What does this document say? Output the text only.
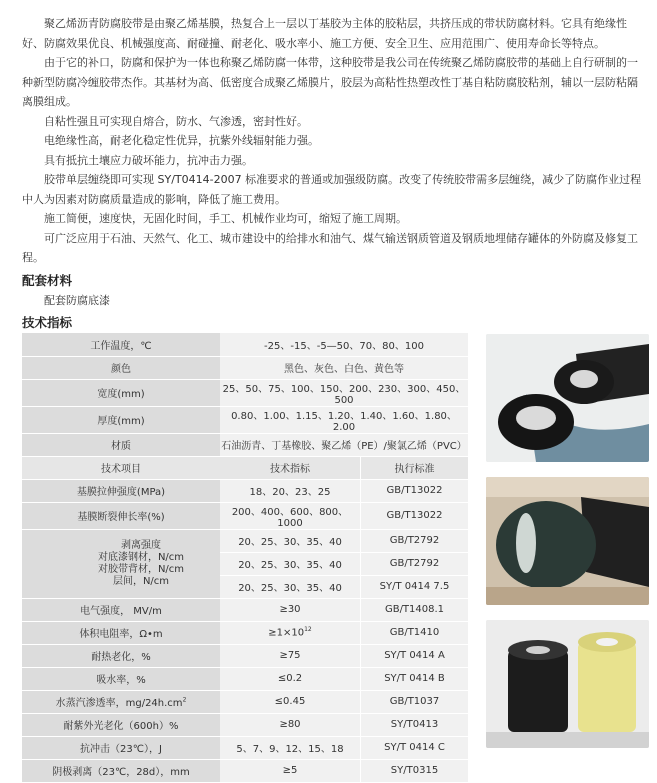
聚乙烯沥青防腐胶带是由聚乙烯基膜，热复合上一层以丁基胶为主体的胶粘层，共挤压成的带状防腐材料。它具有绝缘性好、防腐效果优良、机械强度高、耐碰撞、耐老化、吸水率小、施工方便、安全卫生、应用范围广、使用寿命长等特点。

由于它的补口，防腐和保护为一体也称聚乙烯防腐一体带，这种胶带是我公司在传统聚乙烯防腐胶带的基础上自行研制的一种新型防腐冷缠胶带杰作。其基材为高、低密度合成聚乙烯膜片，胶层为高粘性热塑改性丁基自粘防腐胶粘剂，辅以一层防粘隔离膜组成。

自粘性强且可实现自熔合，防水、气渗透，密封性好。

电绝缘性高，耐老化稳定性优异，抗紫外线辐射能力强。

具有抵抗土壤应力破坏能力，抗冲击力强。

胶带单层缠绕即可实现 SY/T0414-2007 标准要求的普通或加强级防腐。改变了传统胶带需多层缠绕，减少了防腐作业过程中人为因素对防腐质量造成的影响，降低了施工费用。

施工简便，速度快，无固化时间，手工、机械作业均可，缩短了施工周期。

可广泛应用于石油、天然气、化工、城市建设中的给排水和油气、煤气输送钢质管道及钢质地埋储存罐体的外防腐及修复工程。

配套材料
配套防腐底漆
技术指标
工作温度，℃	-25、-15、-5—50、70、80、100	
颜色	黑色、灰色、白色、黄色等	
宽度(mm)	25、50、75、100、150、200、230、300、450、500	
厚度(mm)	0.80、1.00、1.15、1.20、1.40、1.60、1.80、2.00	
材质	石油沥青、丁基橡胶、聚乙烯（PE）/聚氯乙烯（PVC）	
技术项目	技术指标	执行标准
基膜拉伸强度(MPa)	18、20、23、25	GB/T13022
基膜断裂伸长率(%)	200、400、600、800、1000	GB/T13022

剥离强度
对底漆钢材，N/cm
对胶带背材，N/cm
层间，N/cm	20、25、30、35、40	GB/T2792
	20、25、30、35、40	GB/T2792
	20、25、30、35、40	SY/T 0414 7.5
电气强度， MV/m	≥30	GB/T1408.1
体积电阻率，Ω•m	$\ge 1\times 10^{12}$	GB/T1410
耐热老化，%	≥75	SY/T 0414 A
吸水率，%	≤0.2	SY/T 0414 B
水蒸汽渗透率，$mg/24h.cm^2$	≤0.45	GB/T1037
耐紫外光老化（600h）%	≥80	SY/T0413
抗冲击（23℃），J	5、7、9、12、15、18	SY/T 0414 C
阴极剥离（23℃，28d），mm	≥5	SY/T0315
